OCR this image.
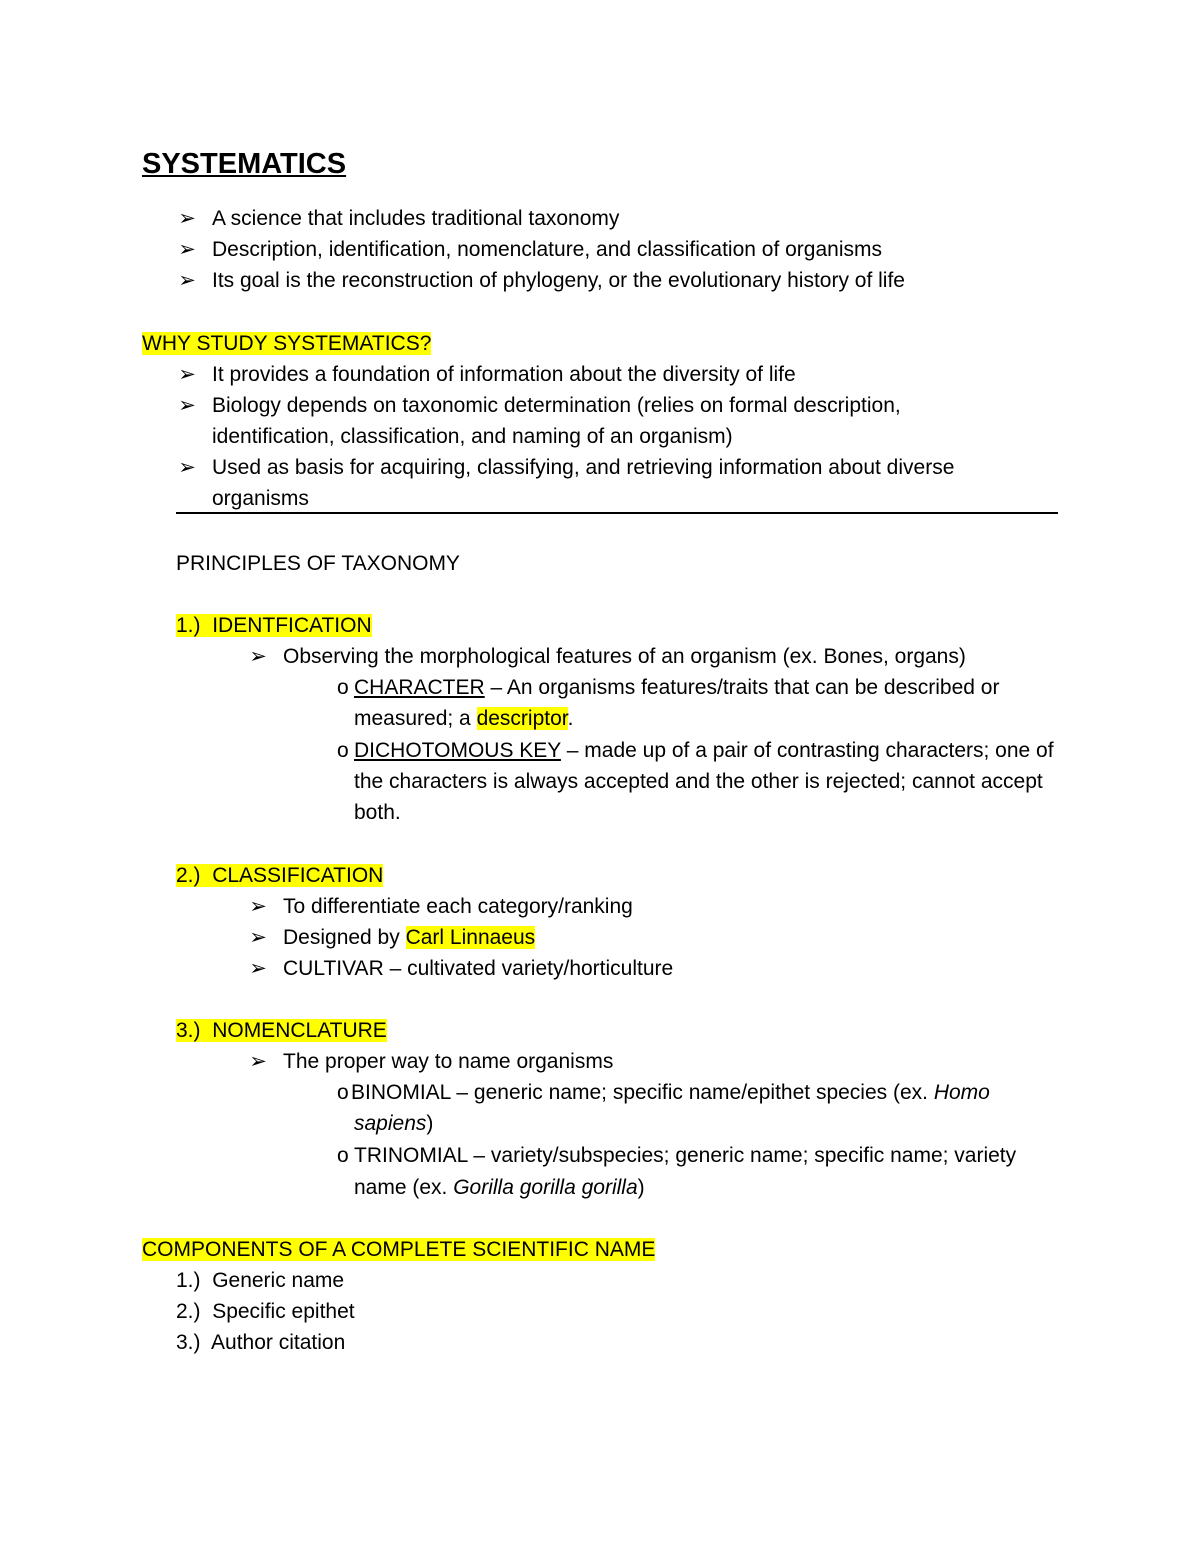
SYSTEMATICS
➢ A science that includes traditional taxonomy
➢ Description, identification, nomenclature, and classification of organisms
➢ Its goal is the reconstruction of phylogeny, or the evolutionary history of life
WHY STUDY SYSTEMATICS?
➢ It provides a foundation of information about the diversity of life
➢ Biology depends on taxonomic determination (relies on formal description,
identification, classification, and naming of an organism)
➢ Used as basis for acquiring, classifying, and retrieving information about diverse
organisms
PRINCIPLES OF TAXONOMY
1.) IDENTFICATION
➢ Observing the morphological features of an organism (ex. Bones, organs)
o CHARACTER – An organisms features/traits that can be described or
measured; a descriptor.
o DICHOTOMOUS KEY – made up of a pair of contrasting characters; one of
the characters is always accepted and the other is rejected; cannot accept
both.
2.) CLASSIFICATION
➢ To differentiate each category/ranking
➢ Designed by Carl Linnaeus
➢ CULTIVAR – cultivated variety/horticulture
3.) NOMENCLATURE
➢ The proper way to name organisms
o BINOMIAL – generic name; specific name/epithet species (ex. Homo
sapiens)
o TRINOMIAL – variety/subspecies; generic name; specific name; variety
name (ex. Gorilla gorilla gorilla)
COMPONENTS OF A COMPLETE SCIENTIFIC NAME
1.) Generic name
2.) Specific epithet
3.) Author citation
